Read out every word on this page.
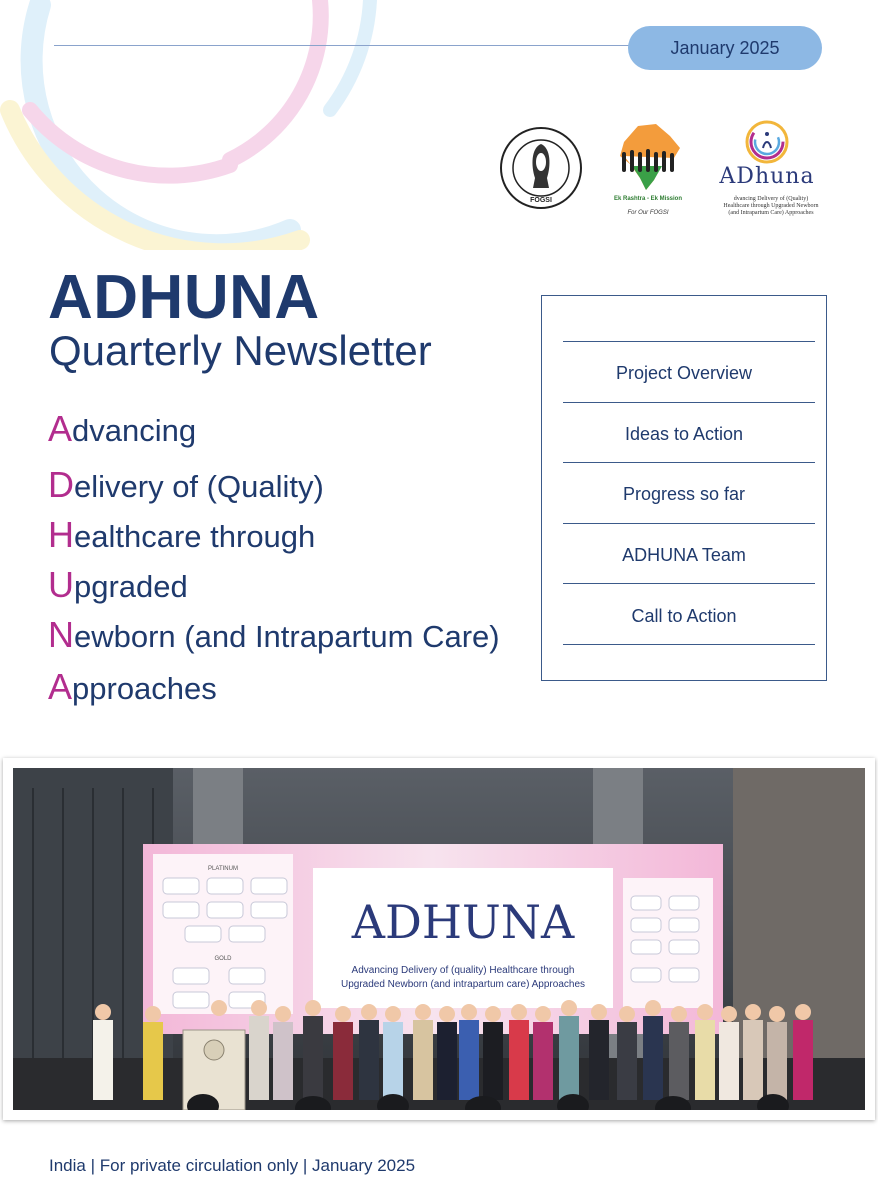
January 2025
FOGSI	Ek Rashtra - Ek Mission
For Our FOGSI
ADhuna
dvancing Delivery of (Quality) Healthcare through Upgraded Newborn (and Intrapartum Care) Approaches
ADHUNA
Quarterly Newsletter
Advancing
Delivery of (Quality)
Healthcare through
Upgraded
Newborn (and Intrapartum Care)
Approaches
Project Overview
Ideas to Action
Progress so far
ADHUNA Team
Call to Action
ADHUNA
Advancing Delivery of (quality) Healthcare through
Upgraded Newborn (and intrapartum care) Approaches
PLATINUM
GOLD
India | For private circulation only | January 2025
